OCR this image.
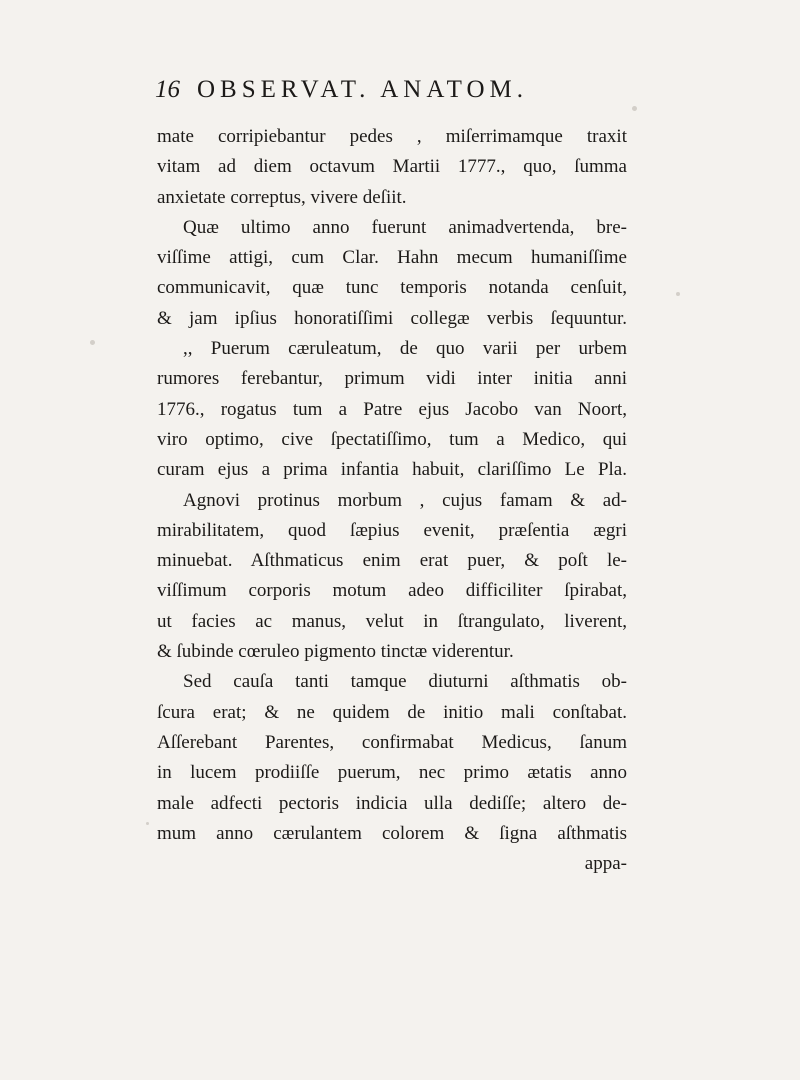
16 OBSERVAT. ANATOM.
mate corripiebantur pedes , miſerrimamque traxit
vitam ad diem octavum Martii 1777., quo, ſumma
anxietate correptus, vivere deſiit.
Quæ ultimo anno fuerunt animadvertenda, bre-
viſſime attigi, cum Clar. Hahn mecum humaniſſime
communicavit, quæ tunc temporis notanda cenſuit,
& jam ipſius honoratiſſimi collegæ verbis ſequuntur.
,, Puerum cæruleatum, de quo varii per urbem
rumores ferebantur, primum vidi inter initia anni
1776., rogatus tum a Patre ejus Jacobo van Noort,
viro optimo, cive ſpectatiſſimo, tum a Medico, qui
curam ejus a prima infantia habuit, clariſſimo Le Pla.
Agnovi protinus morbum , cujus famam & ad-
mirabilitatem, quod ſæpius evenit, præſentia ægri
minuebat. Aſthmaticus enim erat puer, & poſt le-
viſſimum corporis motum adeo difficiliter ſpirabat,
ut facies ac manus, velut in ſtrangulato, liverent,
& ſubinde cœruleo pigmento tinctæ viderentur.
Sed cauſa tanti tamque diuturni aſthmatis ob-
ſcura erat; & ne quidem de initio mali conſtabat.
Aſſerebant Parentes, confirmabat Medicus, ſanum
in lucem prodiiſſe puerum, nec primo ætatis anno
male adfecti pectoris indicia ulla dediſſe; altero de-
mum anno cærulantem colorem & ſigna aſthmatis
appa-
